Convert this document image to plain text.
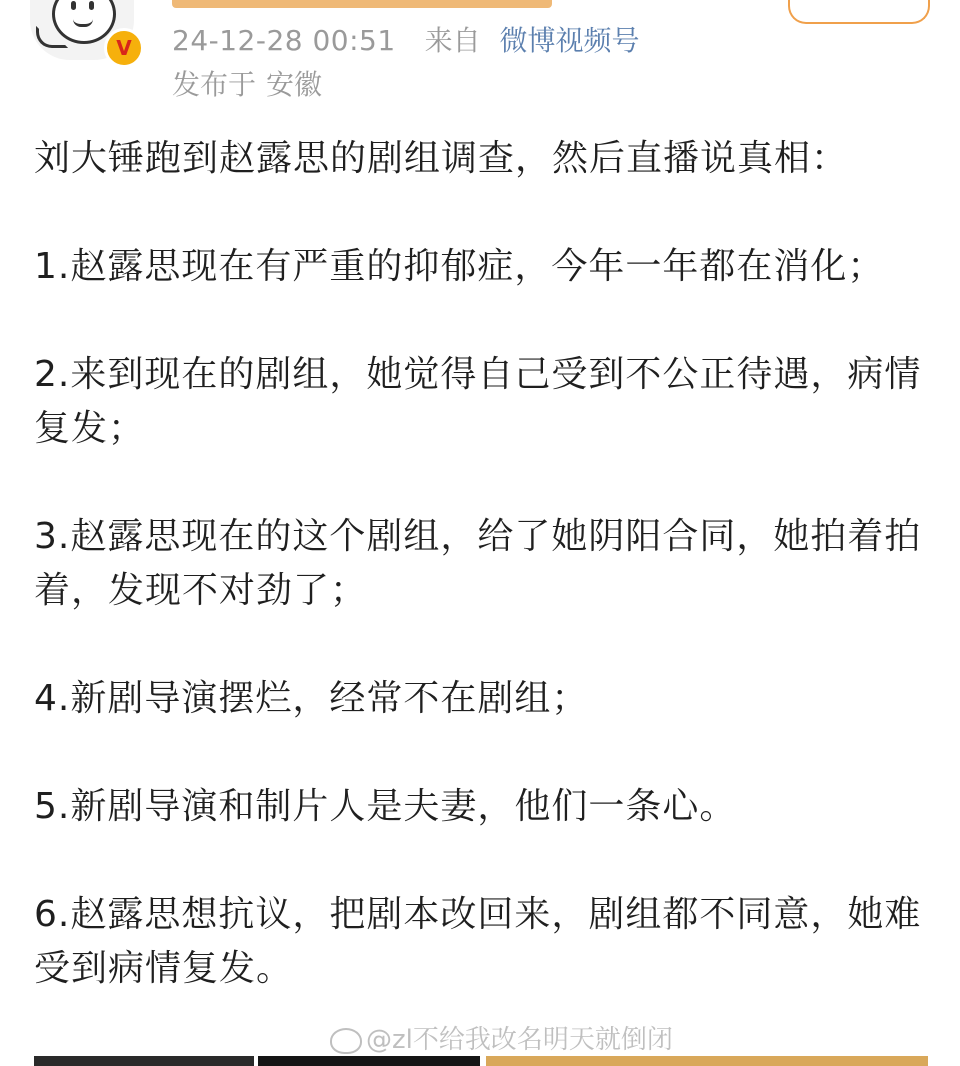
V	24-12-28 00:51 来自 微博视频号
发布于 安徽

刘大锤跑到赵露思的剧组调查，然后直播说真相：

1.赵露思现在有严重的抑郁症，今年一年都在消化；

2.来到现在的剧组，她觉得自己受到不公正待遇，病情复发；

3.赵露思现在的这个剧组，给了她阴阳合同，她拍着拍着，发现不对劲了；

4.新剧导演摆烂，经常不在剧组；

5.新剧导演和制片人是夫妻，他们一条心。

6.赵露思想抗议，把剧本改回来，剧组都不同意，她难受到病情复发。

@zl不给我改名明天就倒闭
